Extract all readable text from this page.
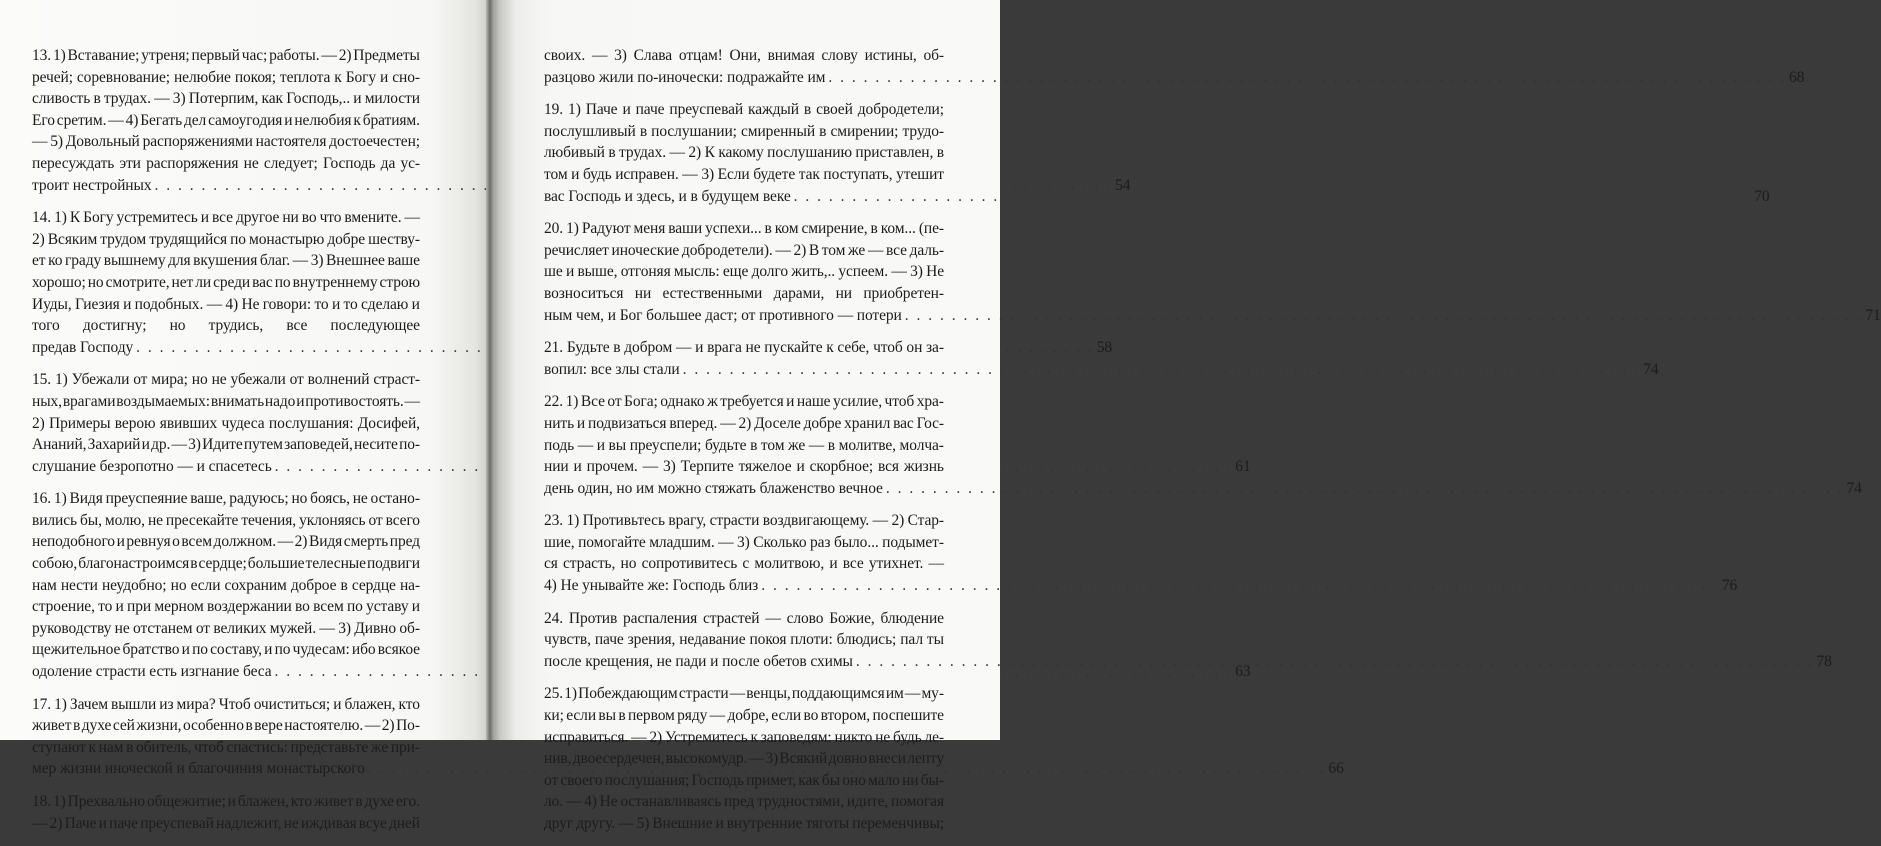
13. 1) Вставание; утреня; первый час; работы. — 2) Предметы
речей; соревнование; нелюбие покоя; теплота к Богу и сно-
сливость в трудах. — 3) Потерпим, как Господь,.. и милости
Его сретим. — 4) Бегать дел самоугодия и нелюбия к братиям.
— 5) Довольный распоряжениями настоятеля достоечестен;
пересуждать эти распоряжения не следует; Господь да ус-
троит нестройных . . .	54
14. 1) К Богу устремитесь и все другое ни во что вмените. —
2) Всяким трудом трудящийся по монастырю добре шеству-
ет ко граду вышнему для вкушения благ. — 3) Внешнее ваше
хорошо; но смотрите, нет ли среди вас по внутреннему строю
Иуды, Гиезия и подобных. — 4) Не говори: то и то сделаю и
того достигну; но трудись, все последующее
предав Господу . . .	58
15. 1) Убежали от мира; но не убежали от волнений страст-
ных, врагами воздымаемых: внимать надо и противостоять. —
2) Примеры верою явивших чудеса послушания: Досифей,
Ананий, Захарий и др. — 3) Идите путем заповедей, несите по-
слушание безропотно — и спасетесь . . .	61
16. 1) Видя преуспеяние ваше, радуюсь; но боясь, не остано-
вились бы, молю, не пресекайте течения, уклоняясь от всего
неподобного и ревнуя о всем должном. — 2) Видя смерть пред
собою, благонастроимся в сердце; большие телесные подвиги
нам нести неудобно; но если сохраним доброе в сердце на-
строение, то и при мерном воздержании во всем по уставу и
руководству не отстанем от великих мужей. — 3) Дивно об-
щежительное братство и по составу, и по чудесам: ибо всякое
одоление страсти есть изгнание беса . . .	63
17. 1) Зачем вышли из мира? Чтоб очиститься; и блажен, кто
живет в духе сей жизни, особенно в вере настоятелю. — 2) По-
ступают к нам в обитель, чтоб спастись: представьте же при-
мер жизни иноческой и благочиния монастырского . . .	66
18. 1) Прехвально общежитие; и блажен, кто живет в духе его.
— 2) Паче и паче преуспевай надлежит, не иждивая всуе дней
своих. — 3) Слава отцам! Они, внимая слову истины, об-
разцово жили по-иночески: подражайте им . . .	68
19. 1) Паче и паче преуспевай каждый в своей добродетели;
послушливый в послушании; смиренный в смирении; трудо-
любивый в трудах. — 2) К какому послушанию приставлен, в
том и будь исправен. — 3) Если будете так поступать, утешит
вас Господь и здесь, и в будущем веке . . .	70
20. 1) Радуют меня ваши успехи... в ком смирение, в ком... (пе-
речисляет иноческие добродетели). — 2) В том же — все даль-
ше и выше, отгоняя мысль: еще долго жить,.. успеем. — 3) Не
возноситься ни естественными дарами, ни приобретен-
ным чем, и Бог большее даст; от противного — потери . . .	71
21. Будьте в добром — и врага не пускайте к себе, чтоб он за-
вопил: все злы стали . . .	74
22. 1) Все от Бога; однако ж требуется и наше усилие, чтоб хра-
нить и подвизаться вперед. — 2) Доселе добре хранил вас Гос-
подь — и вы преуспели; будьте в том же — в молитве, молча-
нии и прочем. — 3) Терпите тяжелое и скорбное; вся жизнь
день один, но им можно стяжать блаженство вечное . . .	74
23. 1) Противьтесь врагу, страсти воздвигающему. — 2) Стар-
шие, помогайте младшим. — 3) Сколько раз было... подымет-
ся страсть, но сопротивитесь с молитвою, и все утихнет. —
4) Не унывайте же: Господь близ . . .	76
24. Против распаления страстей — слово Божие, блюдение
чувств, паче зрения, недавание покоя плоти: блюдись; пал ты
после крещения, не пади и после обетов схимы . . .	78
25. 1) Побеждающим страсти — венцы, поддающимся им — му-
ки; если вы в первом ряду — добре, если во втором, поспешите
исправиться. — 2) Устремитесь к заповедям: никто не будь ле-
нив, двоесердечен, высокомудр. — 3) Всякий довно внеси лепту
от своего послушания; Господь примет, как бы оно мало ни бы-
ло. — 4) Не останавливаясь пред трудностями, идите, помогая
друг другу. — 5) Внешние и внутренние тяготы переменчивы;
